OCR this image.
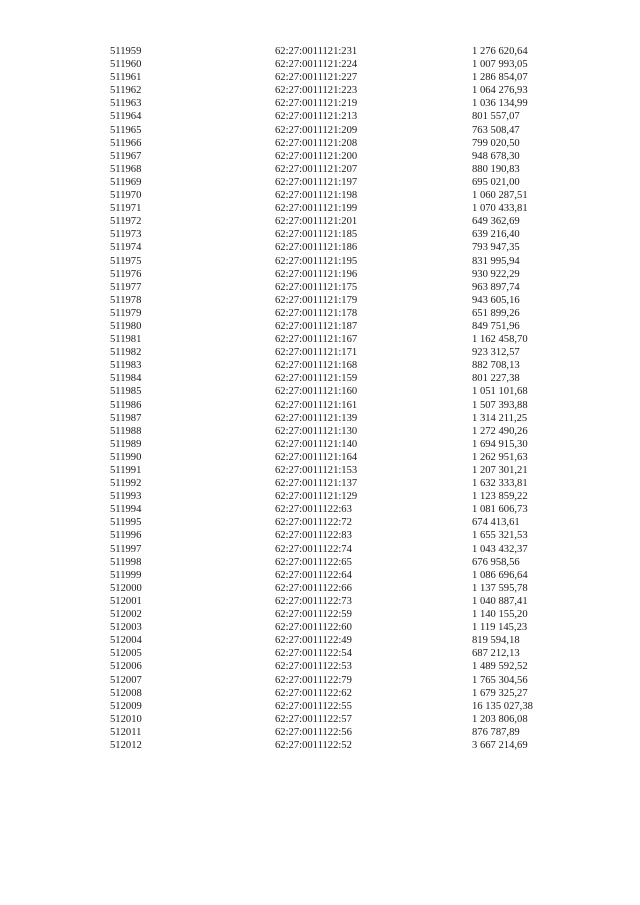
511959	62:27:0011121:231	1 276 620,64
511960	62:27:0011121:224	1 007 993,05
511961	62:27:0011121:227	1 286 854,07
511962	62:27:0011121:223	1 064 276,93
511963	62:27:0011121:219	1 036 134,99
511964	62:27:0011121:213	801 557,07
511965	62:27:0011121:209	763 508,47
511966	62:27:0011121:208	799 020,50
511967	62:27:0011121:200	948 678,30
511968	62:27:0011121:207	880 190,83
511969	62:27:0011121:197	695 021,00
511970	62:27:0011121:198	1 060 287,51
511971	62:27:0011121:199	1 070 433,81
511972	62:27:0011121:201	649 362,69
511973	62:27:0011121:185	639 216,40
511974	62:27:0011121:186	793 947,35
511975	62:27:0011121:195	831 995,94
511976	62:27:0011121:196	930 922,29
511977	62:27:0011121:175	963 897,74
511978	62:27:0011121:179	943 605,16
511979	62:27:0011121:178	651 899,26
511980	62:27:0011121:187	849 751,96
511981	62:27:0011121:167	1 162 458,70
511982	62:27:0011121:171	923 312,57
511983	62:27:0011121:168	882 708,13
511984	62:27:0011121:159	801 227,38
511985	62:27:0011121:160	1 051 101,68
511986	62:27:0011121:161	1 507 393,88
511987	62:27:0011121:139	1 314 211,25
511988	62:27:0011121:130	1 272 490,26
511989	62:27:0011121:140	1 694 915,30
511990	62:27:0011121:164	1 262 951,63
511991	62:27:0011121:153	1 207 301,21
511992	62:27:0011121:137	1 632 333,81
511993	62:27:0011121:129	1 123 859,22
511994	62:27:0011122:63	1 081 606,73
511995	62:27:0011122:72	674 413,61
511996	62:27:0011122:83	1 655 321,53
511997	62:27:0011122:74	1 043 432,37
511998	62:27:0011122:65	676 958,56
511999	62:27:0011122:64	1 086 696,64
512000	62:27:0011122:66	1 137 595,78
512001	62:27:0011122:73	1 040 887,41
512002	62:27:0011122:59	1 140 155,20
512003	62:27:0011122:60	1 119 145,23
512004	62:27:0011122:49	819 594,18
512005	62:27:0011122:54	687 212,13
512006	62:27:0011122:53	1 489 592,52
512007	62:27:0011122:79	1 765 304,56
512008	62:27:0011122:62	1 679 325,27
512009	62:27:0011122:55	16 135 027,38
512010	62:27:0011122:57	1 203 806,08
512011	62:27:0011122:56	876 787,89
512012	62:27:0011122:52	3 667 214,69
